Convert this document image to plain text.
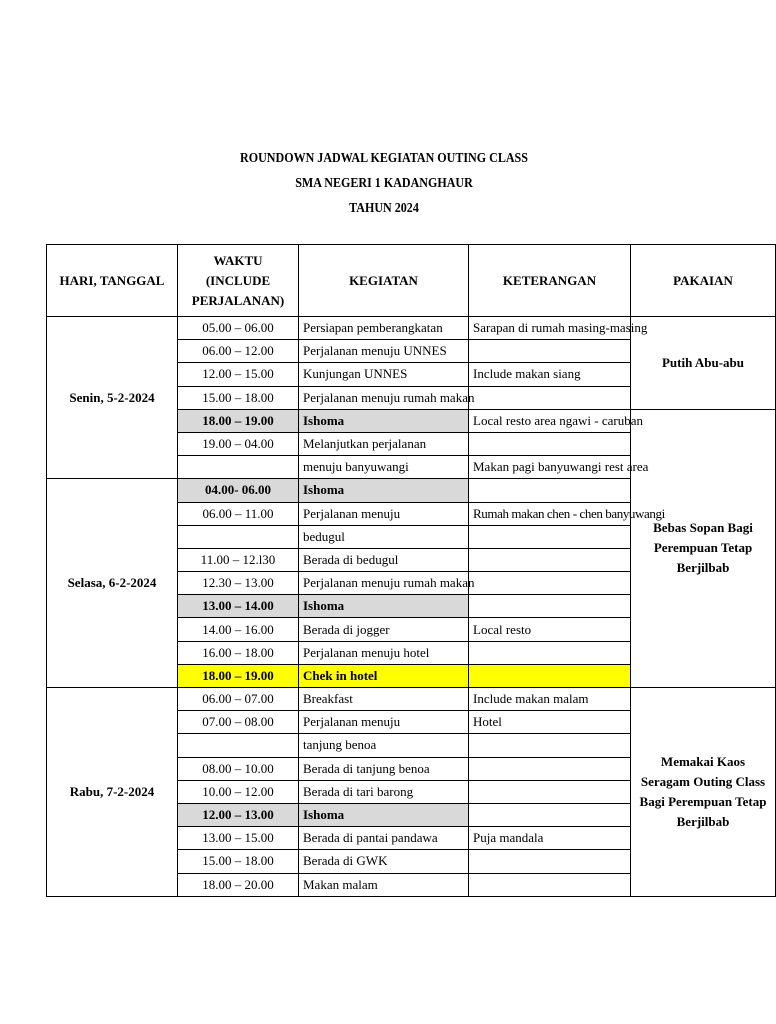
ROUNDOWN JADWAL KEGIATAN OUTING CLASS
SMA NEGERI 1 KADANGHAUR
TAHUN 2024
HARI, TANGGAL	WAKTU (INCLUDE PERJALANAN)	KEGIATAN	KETERANGAN	PAKAIAN
Senin, 5-2-2024	05.00 – 06.00	Persiapan pemberangkatan	Sarapan di rumah masing-masing	Putih Abu-abu
	06.00 – 12.00	Perjalanan menuju UNNES		
	12.00 – 15.00	Kunjungan UNNES	Include makan siang	
	15.00 – 18.00	Perjalanan menuju rumah makan		
	18.00 – 19.00	Ishoma	Local resto area ngawi - caruban	Bebas Sopan Bagi Perempuan Tetap Berjilbab
	19.00 – 04.00	Melanjutkan perjalanan		
		menuju banyuwangi	Makan pagi banyuwangi rest area	
Selasa, 6-2-2024	04.00- 06.00	Ishoma		
	06.00 – 11.00	Perjalanan menuju	Rumah makan chen - chen banyuwangi	
		bedugul		
	11.00 – 12.l30	Berada di bedugul		
	12.30 – 13.00	Perjalanan menuju rumah makan		
	13.00 – 14.00	Ishoma		
	14.00 – 16.00	Berada di jogger	Local resto	
	16.00 – 18.00	Perjalanan menuju hotel		
	18.00 – 19.00	Chek in hotel		
Rabu, 7-2-2024	06.00 – 07.00	Breakfast	Include makan malam	Memakai Kaos Seragam Outing Class Bagi Perempuan Tetap Berjilbab
	07.00 – 08.00	Perjalanan menuju	Hotel	
		tanjung benoa		
	08.00 – 10.00	Berada di tanjung benoa		
	10.00 – 12.00	Berada di tari barong		
	12.00 – 13.00	Ishoma		
	13.00 – 15.00	Berada di pantai pandawa	Puja mandala	
	15.00 – 18.00	Berada di GWK		
	18.00 – 20.00	Makan malam		
